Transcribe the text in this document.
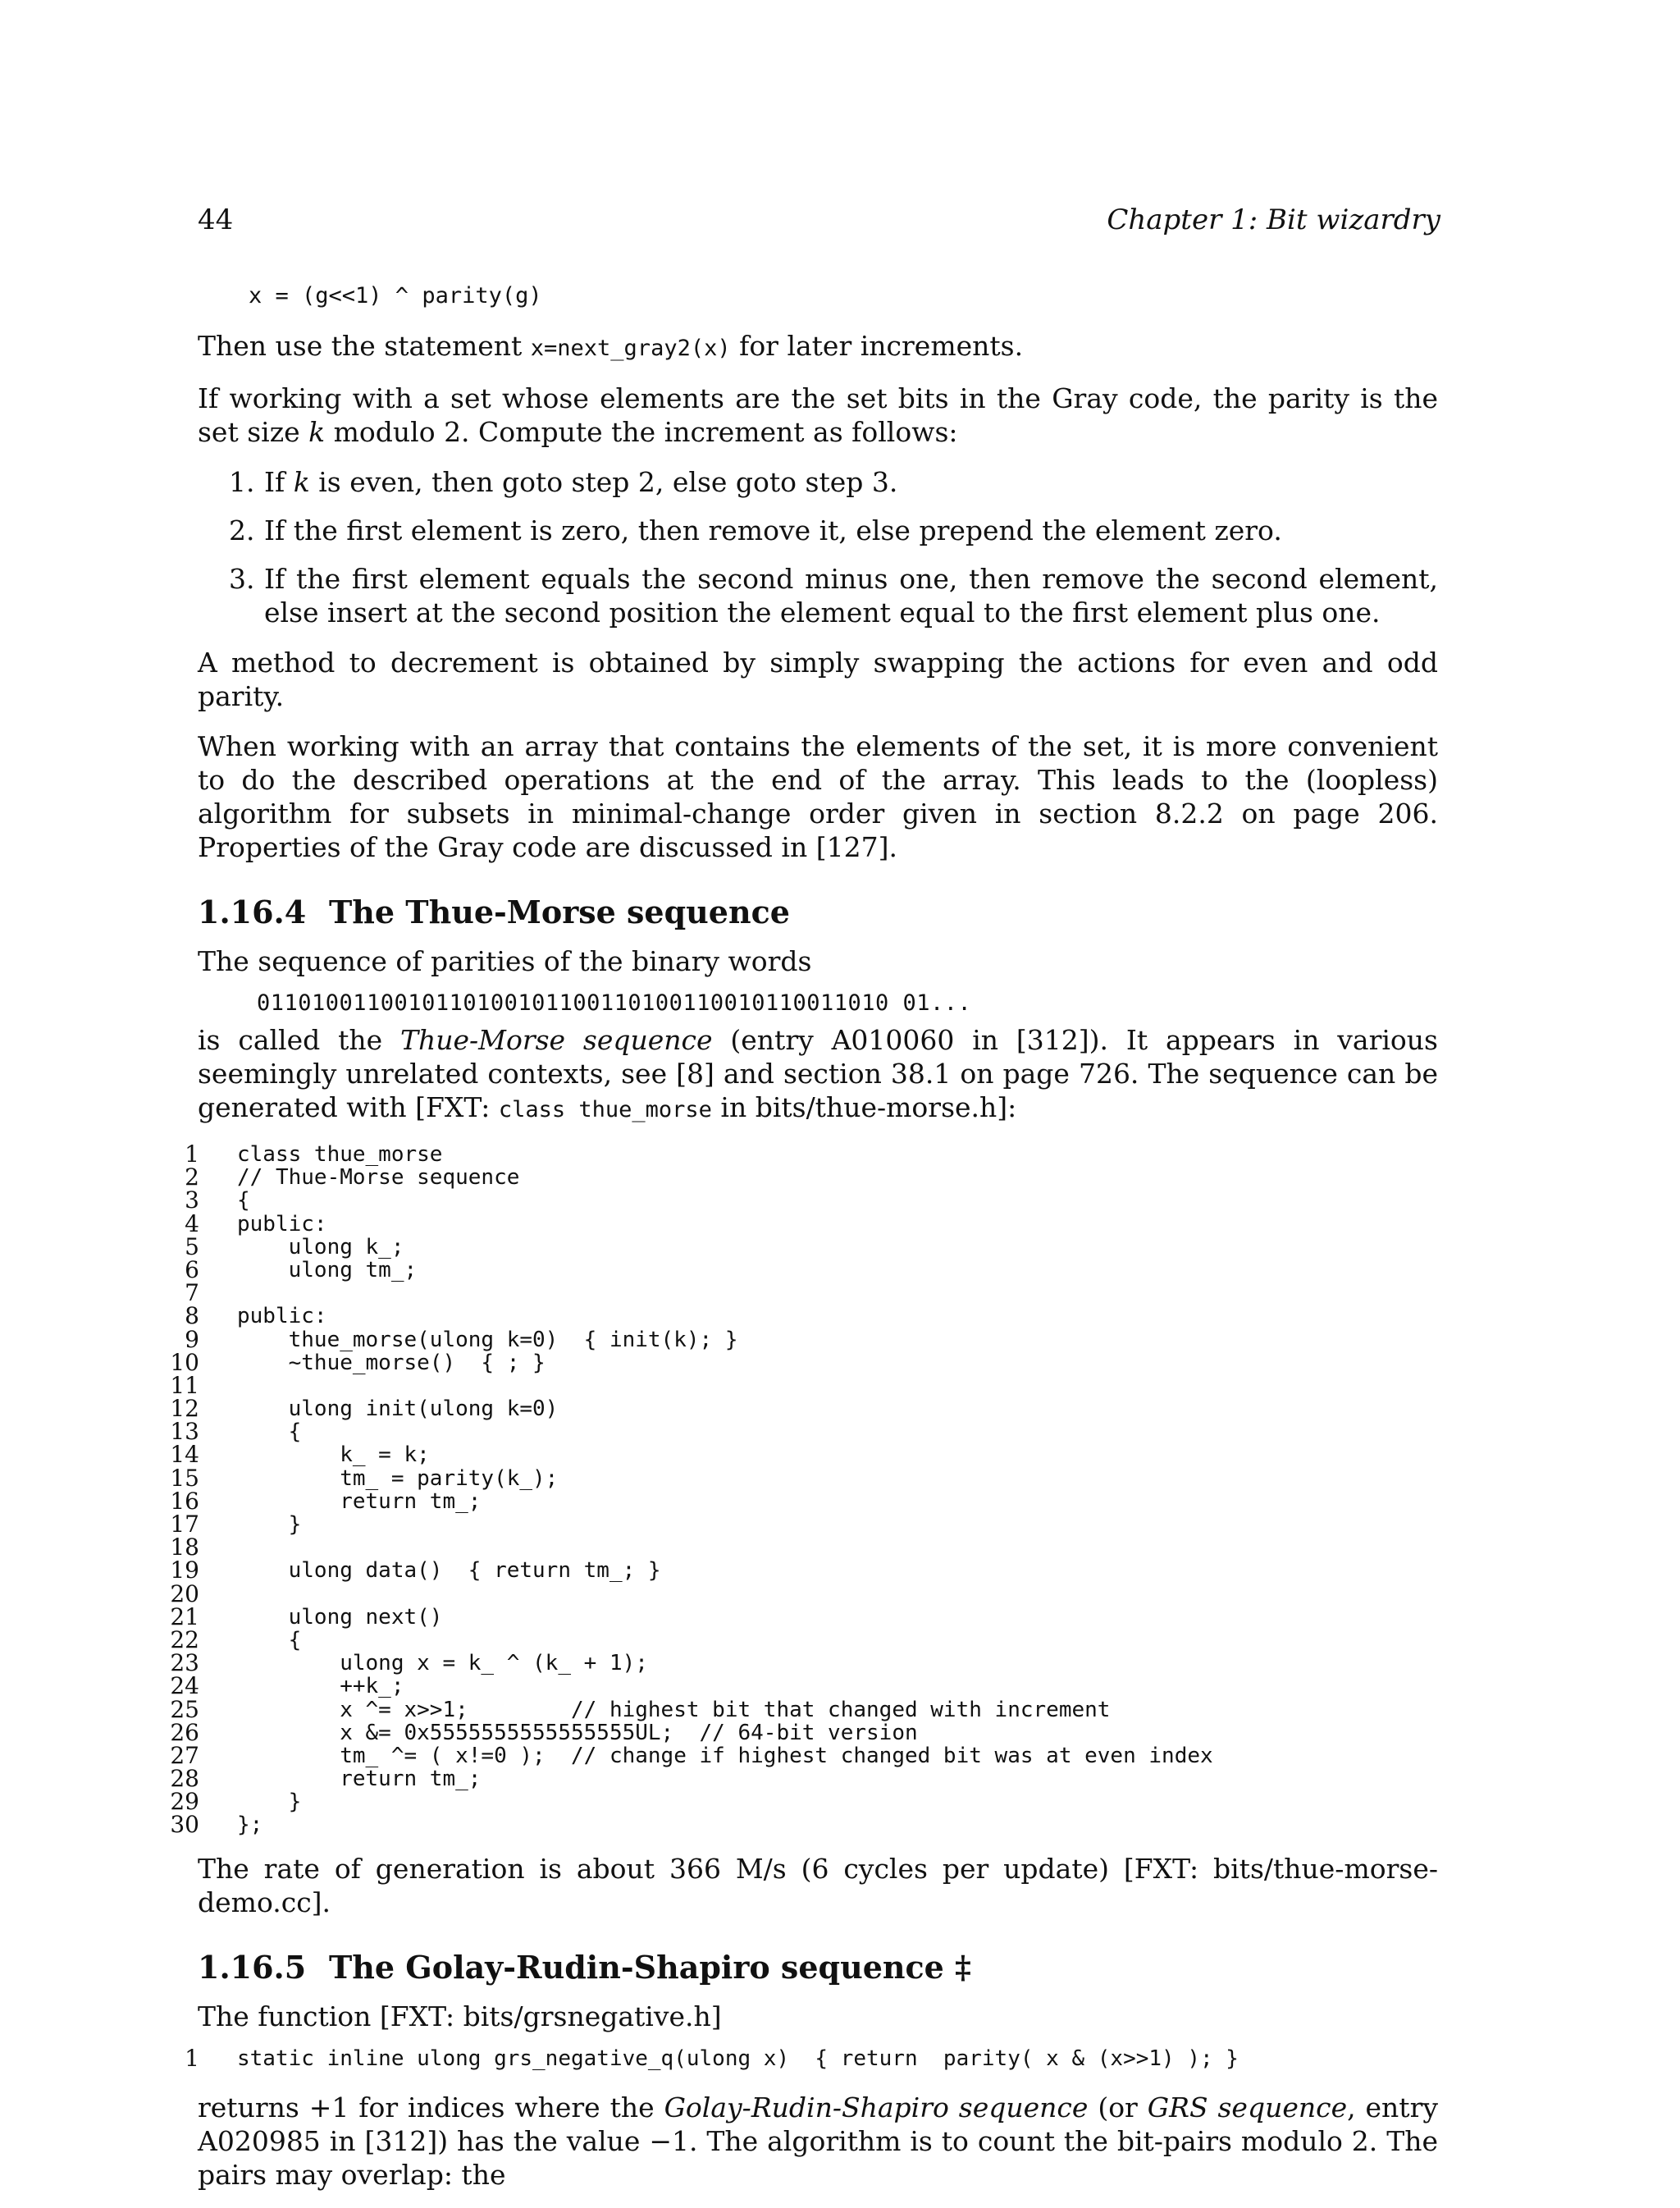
44	Chapter 1: Bit wizardry
x = (g<<1) ^ parity(g)

Then use the statement x=next_gray2(x) for later increments.

If working with a set whose elements are the set bits in the Gray code, the parity is the set size k modulo 2. Compute the increment as follows:

1. If k is even, then goto step 2, else goto step 3.
2. If the first element is zero, then remove it, else prepend the element zero.
3. If the first element equals the second minus one, then remove the second element, else insert at the second position the element equal to the first element plus one.

A method to decrement is obtained by simply swapping the actions for even and odd parity.

When working with an array that contains the elements of the set, it is more convenient to do the described operations at the end of the array. This leads to the (loopless) algorithm for subsets in minimal-change order given in section 8.2.2 on page 206. Properties of the Gray code are discussed in [127].

1.16.4 The Thue-Morse sequence

The sequence of parities of the binary words

0110100110010110100101100110100110010110011010 01...

is called the Thue-Morse sequence (entry A010060 in [312]). It appears in various seemingly unrelated contexts, see [8] and section 38.1 on page 726. The sequence can be generated with [FXT: class thue_morse in bits/thue-morse.h]:

1	class thue_morse
2	// Thue-Morse sequence
3	{
4	public:
5	ulong k_;
6	ulong tm_;
7
8	public:
9	thue_morse(ulong k=0)  { init(k); }
10	~thue_morse()  { ; }
11
12	ulong init(ulong k=0)
13	{
14	k_ = k;
15	tm_ = parity(k_);
16	return tm_;
17	}
18
19	ulong data()  { return tm_; }
20
21	ulong next()
22	{
23	ulong x = k_ ^ (k_ + 1);
24	++k_;
25	x ^= x>>1;        // highest bit that changed with increment
26	x &= 0x5555555555555555UL;  // 64-bit version
27	tm_ ^= ( x!=0 );  // change if highest changed bit was at even index
28	return tm_;
29	}
30	};

The rate of generation is about 366 M/s (6 cycles per update) [FXT: bits/thue-morse-demo.cc].

1.16.5 The Golay-Rudin-Shapiro sequence ‡

The function [FXT: bits/grsnegative.h]

1	static inline ulong grs_negative_q(ulong x)  { return  parity( x & (x>>1) ); }

returns +1 for indices where the Golay-Rudin-Shapiro sequence (or GRS sequence, entry A020985 in [312]) has the value −1. The algorithm is to count the bit-pairs modulo 2. The pairs may overlap: the
